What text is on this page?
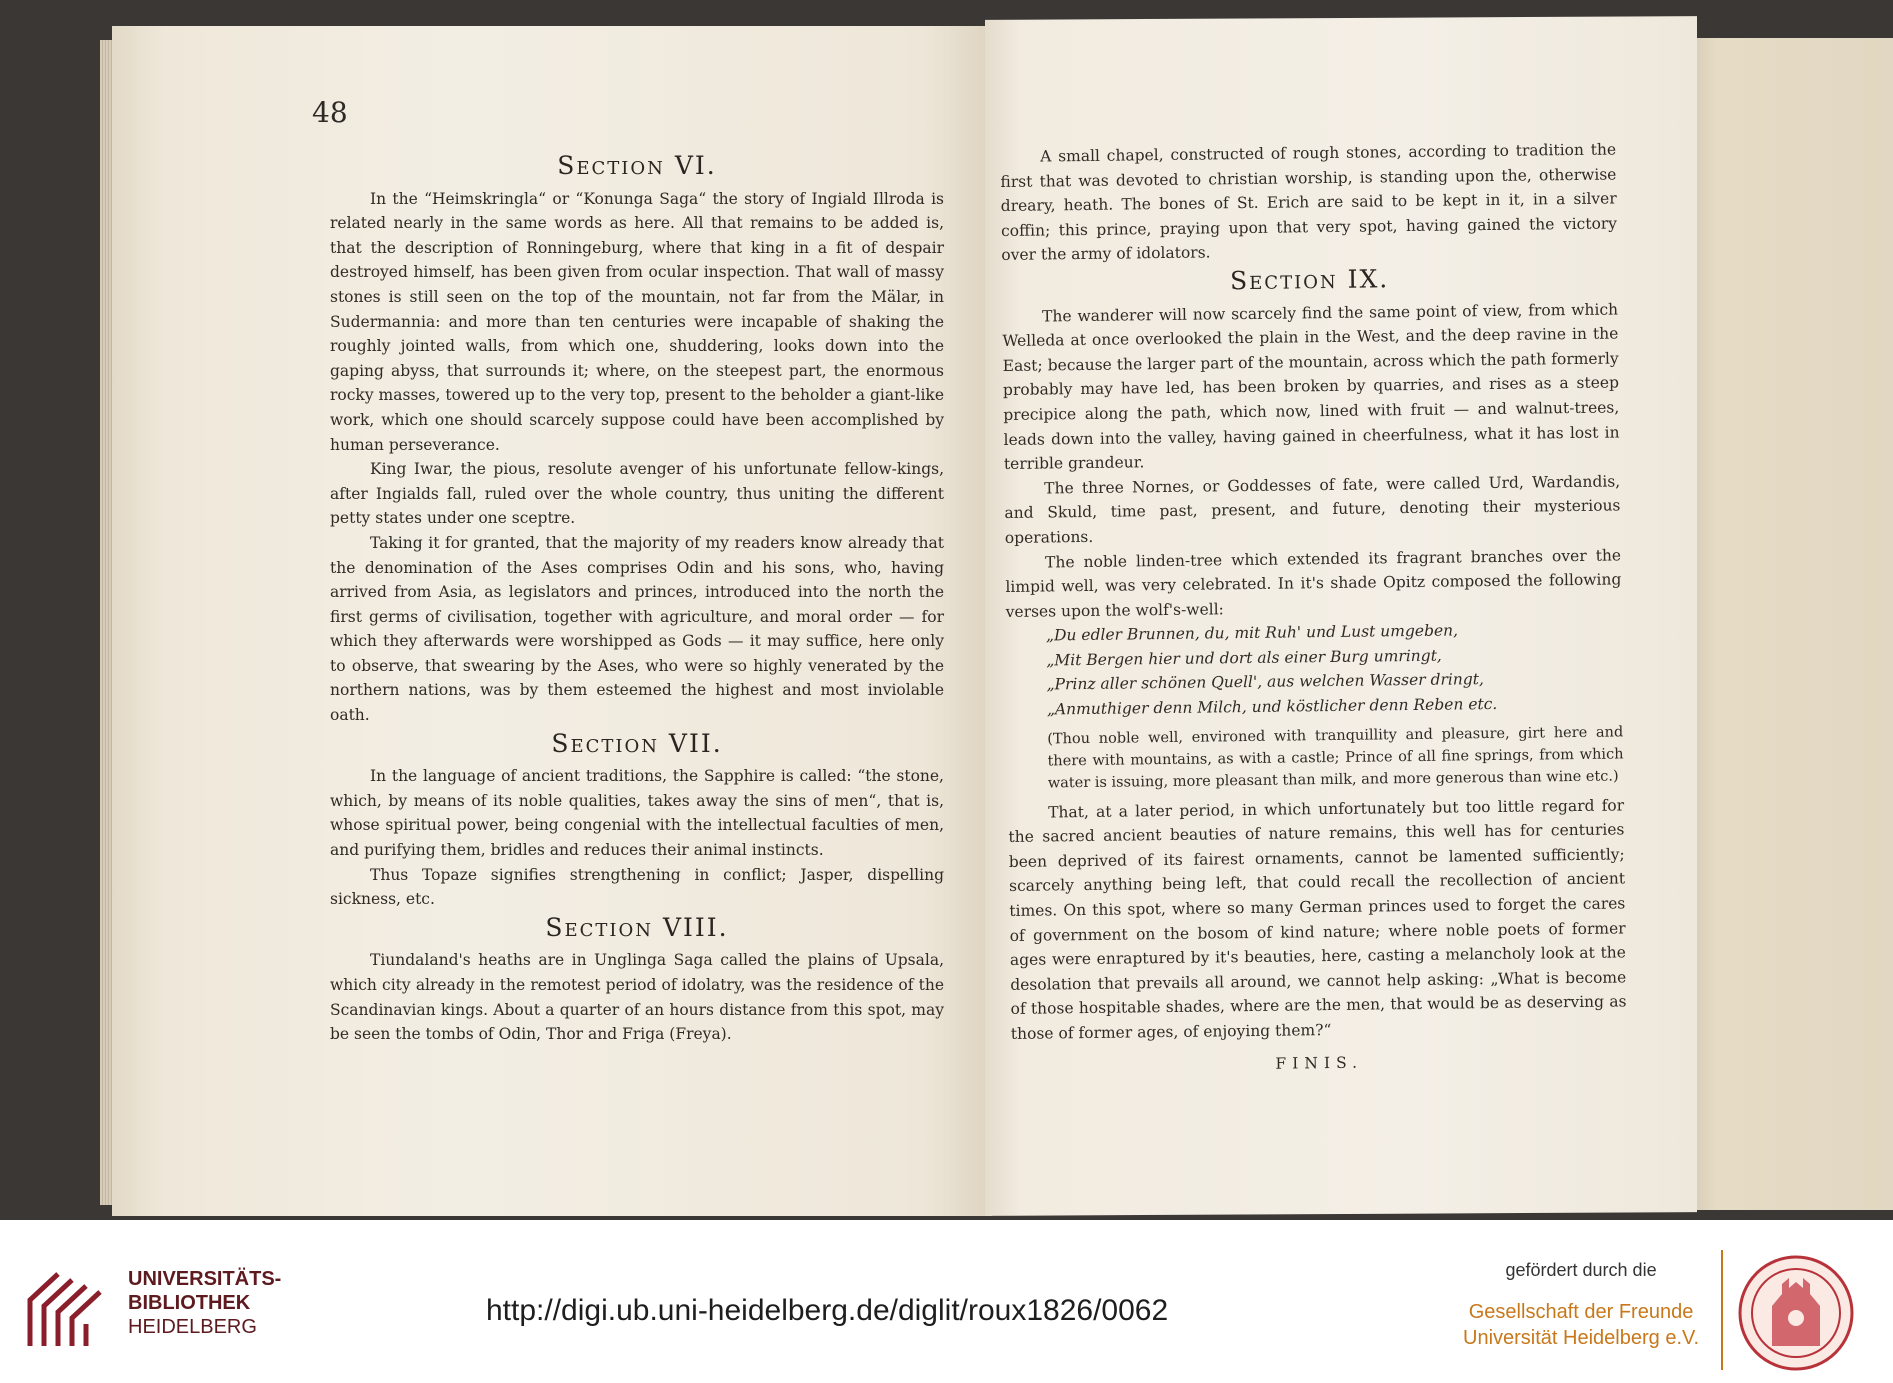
48
Section VI.

In the “Heimskringla“ or “Konunga Saga“ the story of Ingiald Illroda is related nearly in the same words as here. All that remains to be added is, that the description of Ronningeburg, where that king in a fit of despair destroyed himself, has been given from ocular inspection. That wall of massy stones is still seen on the top of the mountain, not far from the Mälar, in Sudermannia: and more than ten centuries were incapable of shaking the roughly jointed walls, from which one, shuddering, looks down into the gaping abyss, that surrounds it; where, on the steepest part, the enormous rocky masses, towered up to the very top, present to the beholder a giant-like work, which one should scarcely suppose could have been accomplished by human perseverance.

King Iwar, the pious, resolute avenger of his unfortunate fellow-kings, after Ingialds fall, ruled over the whole country, thus uniting the different petty states under one sceptre.

Taking it for granted, that the majority of my readers know already that the denomination of the Ases comprises Odin and his sons, who, having arrived from Asia, as legislators and princes, introduced into the north the first germs of civilisation, together with agriculture, and moral order — for which they afterwards were worshipped as Gods — it may suffice, here only to observe, that swearing by the Ases, who were so highly venerated by the northern nations, was by them esteemed the highest and most inviolable oath.

Section VII.

In the language of ancient traditions, the Sapphire is called: “the stone, which, by means of its noble qualities, takes away the sins of men“, that is, whose spiritual power, being congenial with the intellectual faculties of men, and purifying them, bridles and reduces their animal instincts.

Thus Topaze signifies strengthening in conflict; Jasper, dispelling sickness, etc.

Section VIII.

Tiundaland's heaths are in Unglinga Saga called the plains of Upsala, which city already in the remotest period of idolatry, was the residence of the Scandinavian kings. About a quarter of an hours distance from this spot, may be seen the tombs of Odin, Thor and Friga (Freya).

A small chapel, constructed of rough stones, according to tradition the first that was devoted to christian worship, is standing upon the, otherwise dreary, heath. The bones of St. Erich are said to be kept in it, in a silver coffin; this prince, praying upon that very spot, having gained the victory over the army of idolators.

Section IX.

The wanderer will now scarcely find the same point of view, from which Welleda at once overlooked the plain in the West, and the deep ravine in the East; because the larger part of the mountain, across which the path formerly probably may have led, has been broken by quarries, and rises as a steep precipice along the path, which now, lined with fruit — and walnut-trees, leads down into the valley, having gained in cheerfulness, what it has lost in terrible grandeur.

The three Nornes, or Goddesses of fate, were called Urd, Wardandis, and Skuld, time past, present, and future, denoting their mysterious operations.

The noble linden-tree which extended its fragrant branches over the limpid well, was very celebrated. In it's shade Opitz composed the following verses upon the wolf's-well:

„Du edler Brunnen, du, mit Ruh' und Lust umgeben,

„Mit Bergen hier und dort als einer Burg umringt,

„Prinz aller schönen Quell', aus welchen Wasser dringt,

„Anmuthiger denn Milch, und köstlicher denn Reben etc.

(Thou noble well, environed with tranquillity and pleasure, girt here and there with mountains, as with a castle; Prince of all fine springs, from which water is issuing, more pleasant than milk, and more generous than wine etc.)

That, at a later period, in which unfortunately but too little regard for the sacred ancient beauties of nature remains, this well has for centuries been deprived of its fairest ornaments, cannot be lamented sufficiently; scarcely anything being left, that could recall the recollection of ancient times. On this spot, where so many German princes used to forget the cares of government on the bosom of kind nature; where noble poets of former ages were enraptured by it's beauties, here, casting a melancholy look at the desolation that prevails all around, we cannot help asking: „What is become of those hospitable shades, where are the men, that would be as deserving as those of former ages, of enjoying them?“

FINIS.

UNIVERSITÄTS-
BIBLIOTHEK
HEIDELBERG	http://digi.ub.uni-heidelberg.de/diglit/roux1826/0062
gefördert durch die
Gesellschaft der Freunde
Universität Heidelberg e.V.
